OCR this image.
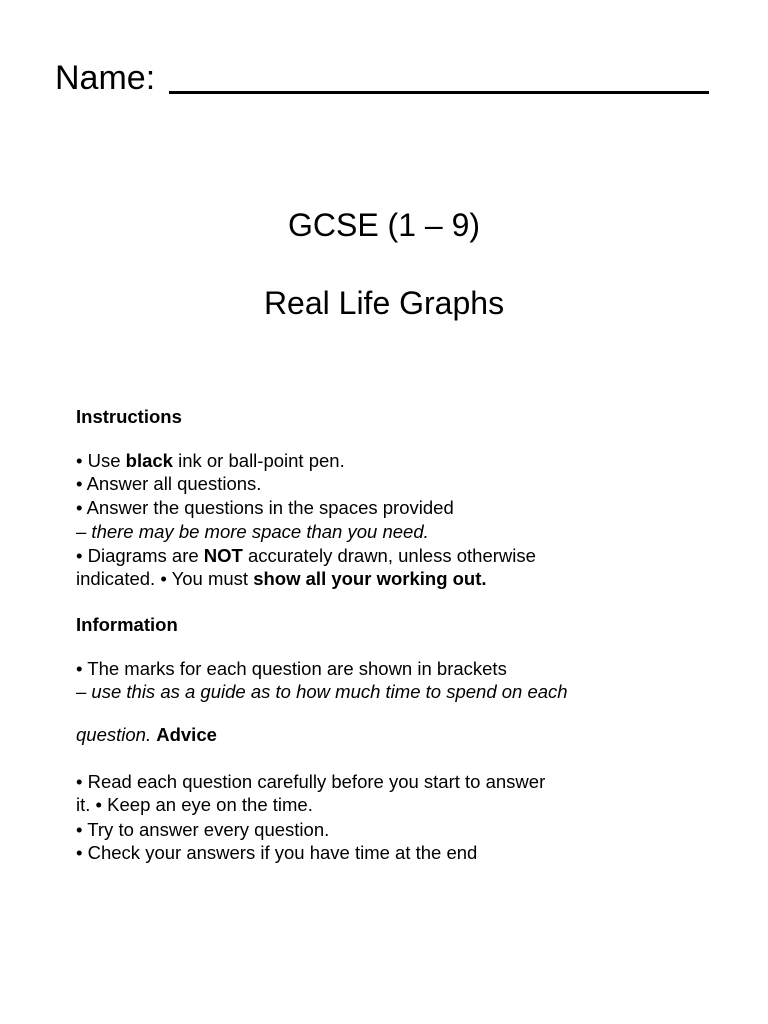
Name:
GCSE (1 – 9)
Real Life Graphs
Instructions
• Use black ink or ball-point pen.
• Answer all questions.
• Answer the questions in the spaces provided
– there may be more space than you need.
• Diagrams are NOT accurately drawn, unless otherwise
indicated. • You must show all your working out.
Information
• The marks for each question are shown in brackets
– use this as a guide as to how much time to spend on each
question. Advice
• Read each question carefully before you start to answer
it. • Keep an eye on the time.
• Try to answer every question.
• Check your answers if you have time at the end
